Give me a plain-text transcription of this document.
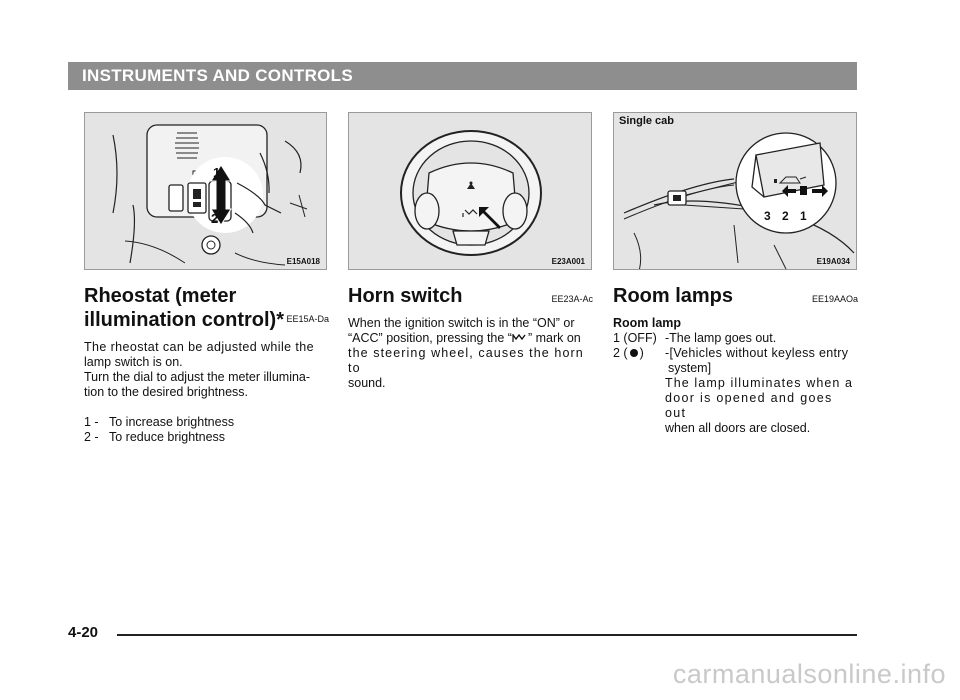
INSTRUMENTS AND CONTROLS
1
2
E15A018	E23A001
Single cab
3 2 1
E19A034
Rheostat (meter
illumination control)* EE15A-Da
The rheostat can be adjusted while the
lamp switch is on.
Turn the dial to adjust the meter illumina-
tion to the desired brightness.
1 - To increase brightness
2 - To reduce brightness
Horn switch	EE23A-Ac
When the ignition switch is in the “ON” or
“ACC” position, pressing the “ ” mark on
the steering wheel, causes the horn to
sound.
Room lamps	EE19AAOa
Room lamp
1 (OFF) -The lamp goes out.
2 ( )	-[Vehicles without keyless entry
system]
The lamp illuminates when a
door is opened and goes out
when all doors are closed.
4-20
carmanualsonline.info
